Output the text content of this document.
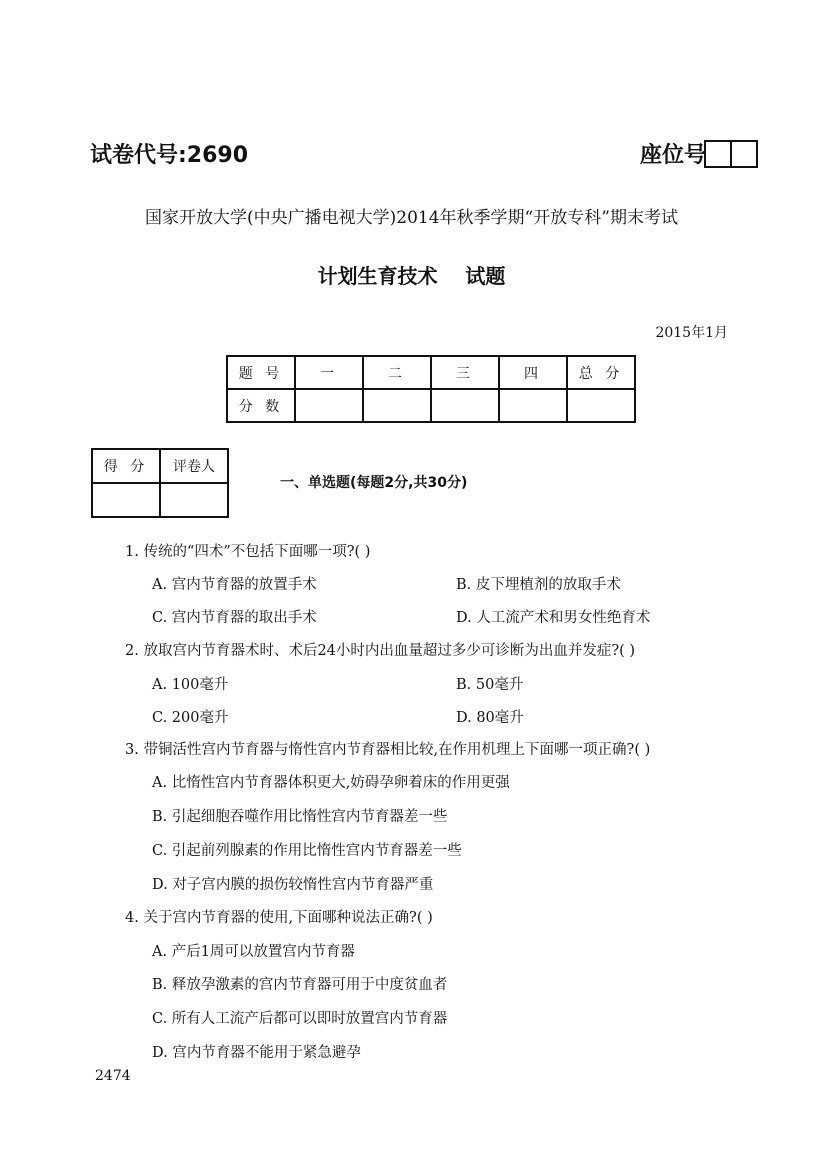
试卷代号:2690	座位号
国家开放大学(中央广播电视大学)2014年秋季学期“开放专科”期末考试
计划生育技术    试题
2015年1月
题 号	一	二	三	四	总 分
分 数					
得 分	评卷人

一、单选题(每题2分,共30分)
1. 传统的“四术”不包括下面哪一项?( )
A. 宫内节育器的放置手术	B. 皮下埋植剂的放取手术
C. 宫内节育器的取出手术	D. 人工流产术和男女性绝育术
2. 放取宫内节育器术时、术后24小时内出血量超过多少可诊断为出血并发症?( )
A. 100毫升	B. 50毫升
C. 200毫升	D. 80毫升
3. 带铜活性宫内节育器与惰性宫内节育器相比较,在作用机理上下面哪一项正确?( )
A. 比惰性宫内节育器体积更大,妨碍孕卵着床的作用更强
B. 引起细胞吞噬作用比惰性宫内节育器差一些
C. 引起前列腺素的作用比惰性宫内节育器差一些
D. 对子宫内膜的损伤较惰性宫内节育器严重
4. 关于宫内节育器的使用,下面哪种说法正确?( )
A. 产后1周可以放置宫内节育器
B. 释放孕激素的宫内节育器可用于中度贫血者
C. 所有人工流产后都可以即时放置宫内节育器
D. 宫内节育器不能用于紧急避孕
2474
